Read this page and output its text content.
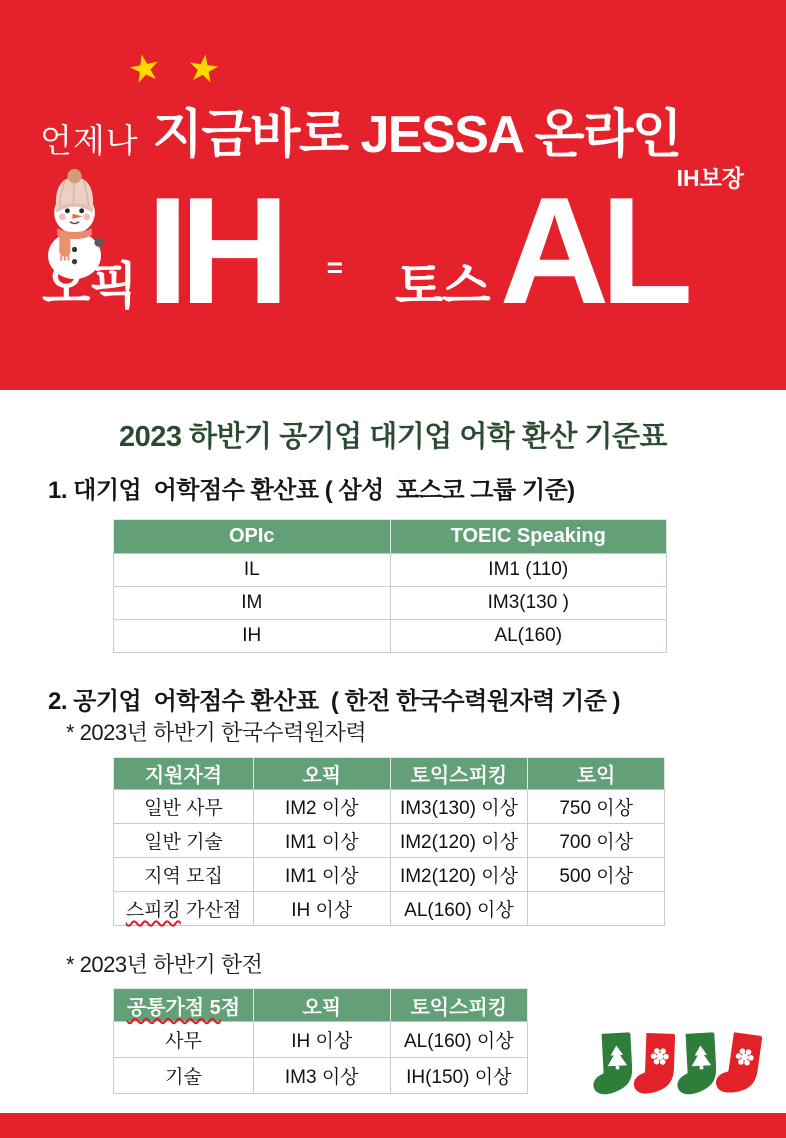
★ ★
언제나 지금바로 JESSA 온라인
IH보장
오픽 IH = 토스 AL
2023 하반기 공기업 대기업 어학 환산 기준표
1. 대기업  어학점수 환산표 ( 삼성  포스코 그룹 기준)
OPIc	TOEIC Speaking
IL	IM1 (110)
IM	IM3(130 )
IH	AL(160)
2. 공기업  어학점수 환산표  ( 한전 한국수력원자력 기준 )
* 2023년 하반기 한국수력원자력
지원자격	오픽	토익스피킹	토익
일반 사무	IM2 이상	IM3(130) 이상	750 이상
일반 기술	IM1 이상	IM2(120) 이상	700 이상
지역 모집	IM1 이상	IM2(120) 이상	500 이상
스피킹 가산점	IH 이상	AL(160) 이상	
* 2023년 하반기 한전
공통가점 5점	오픽	토익스피킹
사무	IH 이상	AL(160) 이상
기술	IM3 이상	IH(150) 이상
